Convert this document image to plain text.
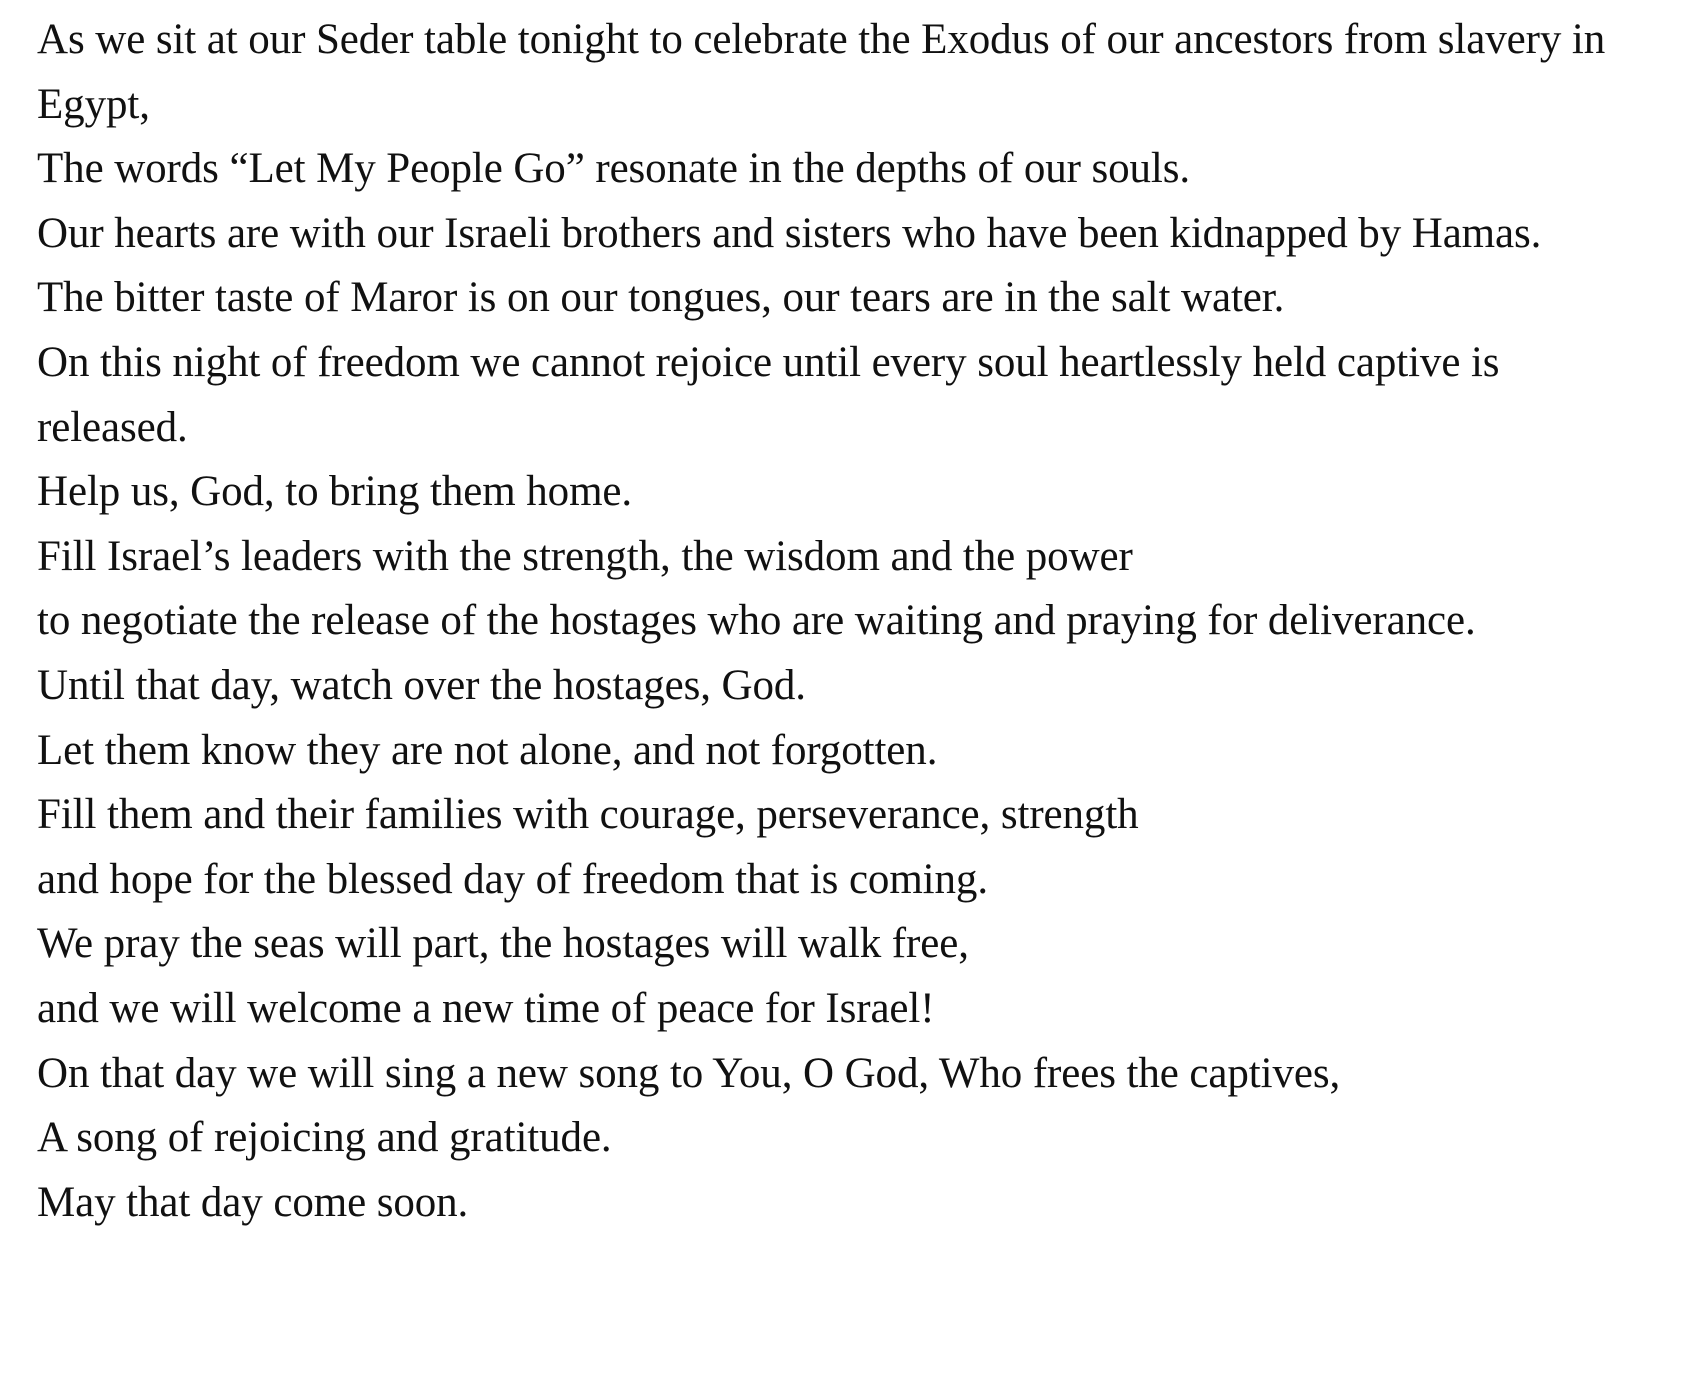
As we sit at our Seder table tonight to celebrate the Exodus of our ancestors from slavery in Egypt,
The words “Let My People Go” resonate in the depths of our souls.
Our hearts are with our Israeli brothers and sisters who have been kidnapped by Hamas.
The bitter taste of Maror is on our tongues, our tears are in the salt water.
On this night of freedom we cannot rejoice until every soul heartlessly held captive is released.
Help us, God, to bring them home.
Fill Israel’s leaders with the strength, the wisdom and the power
to negotiate the release of the hostages who are waiting and praying for deliverance.
Until that day, watch over the hostages, God.
Let them know they are not alone, and not forgotten.
Fill them and their families with courage, perseverance, strength
and hope for the blessed day of freedom that is coming.
We pray the seas will part, the hostages will walk free,
and we will welcome a new time of peace for Israel!
On that day we will sing a new song to You, O God, Who frees the captives,
A song of rejoicing and gratitude.
May that day come soon.
